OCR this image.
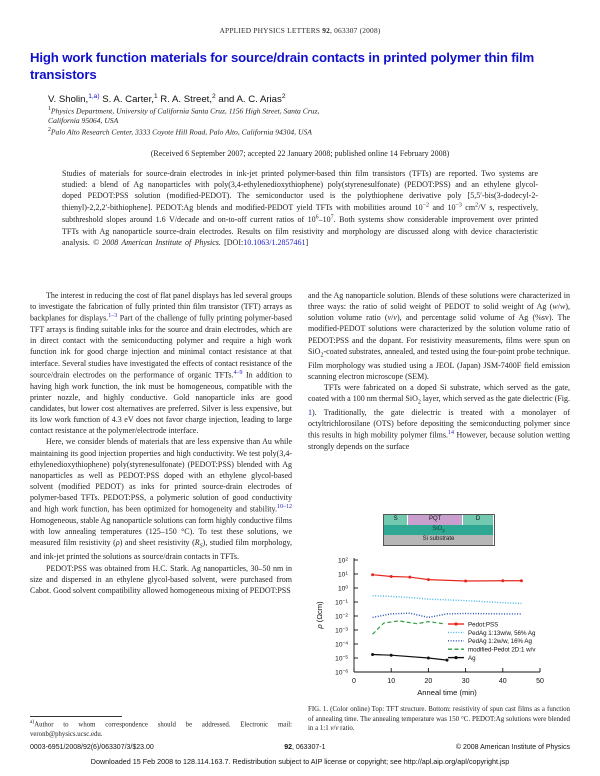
APPLIED PHYSICS LETTERS 92, 063307 (2008)
High work function materials for source/drain contacts in printed polymer thin film transistors
V. Sholin,$^{1,a)}$ S. A. Carter,$^1$ R. A. Street,$^2$ and A. C. Arias$^2$
$^1$Physics Department, University of California Santa Cruz, 1156 High Street, Santa Cruz,
California 95064, USA
$^2$Palo Alto Research Center, 3333 Coyote Hill Road, Palo Alto, California 94304, USA
(Received 6 September 2007; accepted 22 January 2008; published online 14 February 2008)
Studies of materials for source-drain electrodes in ink-jet printed polymer-based thin film transistors (TFTs) are reported. Two systems are studied: a blend of Ag nanoparticles with poly(3,4-ethylenedioxythiophene) poly(styrenesulfonate) (PEDOT:PSS) and an ethylene glycol-doped PEDOT:PSS solution (modified-PEDOT). The semiconductor used is the polythiophene derivative poly [5,5′-bis(3-dodecyl-2-thienyl)-2,2,2′-bithiophene]. PEDOT:Ag blends and modified-PEDOT yield TFTs with mobilities around $10^{-2}$ and $10^{-3}$ $cm^2/V$ s, respectively, subthreshold slopes around 1.6 V/decade and on-to-off current ratios of $10^6-10^7$. Both systems show considerable improvement over printed TFTs with Ag nanoparticle source-drain electrodes. Results on film resistivity and morphology are discussed along with device characteristic analysis. © 2008 American Institute of Physics. [DOI:10.1063/1.2857461]

The interest in reducing the cost of flat panel displays has led several groups to investigate the fabrication of fully printed thin film transistor (TFT) arrays as backplanes for displays.$^{1-3}$ Part of the challenge of fully printing polymer-based TFT arrays is finding suitable inks for the source and drain electrodes, which are in direct contact with the semiconducting polymer and require a high work function ink for good charge injection and minimal contact resistance at that interface. Several studies have investigated the effects of contact resistance of the source/drain electrodes on the performance of organic TFTs.$^{4-9}$ In addition to having high work function, the ink must be homogeneous, compatible with the printer nozzle, and highly conductive. Gold nanoparticle inks are good candidates, but lower cost alternatives are preferred. Silver is less expensive, but its low work function of 4.3 eV does not favor charge injection, leading to large contact resistance at the polymer/electrode interface.

Here, we consider blends of materials that are less expensive than Au while maintaining its good injection properties and high conductivity. We test poly(3,4-ethylenedioxythiophene) poly(styrenesulfonate) (PEDOT:PSS) blended with Ag nanoparticles as well as PEDOT:PSS doped with an ethylene glycol-based solvent (modified PEDOT) as inks for printed source-drain electrodes of polymer-based TFTs. PEDOT:PSS, a polymeric solution of good conductivity and high work function, has been optimized for homogeneity and stability.$^{10-12}$ Homogeneous, stable Ag nanoparticle solutions can form highly conductive films with low annealing temperatures (125–150 °C). To test these solutions, we measured film resistivity (ρ) and sheet resistivity $(R_S)$, studied film morphology, and ink-jet printed the solutions as source/drain contacts in TFTs.

PEDOT:PSS was obtained from H.C. Stark. Ag nanoparticles, 30–50 nm in size and dispersed in an ethylene glycol-based solvent, were purchased from Cabot. Good solvent compatibility allowed homogeneous mixing of PEDOT:PSS

and the Ag nanoparticle solution. Blends of these solutions were characterized in three ways: the ratio of solid weight of PEDOT to solid weight of Ag (w/w), solution volume ratio (v/v), and percentage solid volume of Ag (%sv). The modified-PEDOT solutions were characterized by the solution volume ratio of PEDOT:PSS and the dopant. For resistivity measurements, films were spun on SiO$_2$-coated substrates, annealed, and tested using the four-point probe technique. Film morphology was studied using a JEOL (Japan) JSM-7400F field emission scanning electron microscope (SEM).

TFTs were fabricated on a doped Si substrate, which served as the gate, coated with a 100 nm thermal SiO$_2$ layer, which served as the gate dielectric (Fig. 1). Traditionally, the gate dielectric is treated with a monolayer of octyltrichlorosilane (OTS) before depositing the semiconducting polymer since this results in high mobility polymer films.$^{14}$ However, because solution wetting strongly depends on the surface

S	PQT	D
SiO$_2$
Si substrate
$10^{-6}$
$10^{-5}$
$10^{-4}$
$10^{-3}$
$10^{-2}$
$10^{-1}$
$10^0$
$10^1$
$10^2$
0	10	20	30	40	50
Pedot:PSS
PedAg 1:13w/w, 56% Ag
PedAg 1:2w/w, 16% Ag
modified-Pedot 2D:1 w/v
Ag
ρ (Ωcm)
Anneal time (min)
FIG. 1. (Color online) Top: TFT structure. Bottom: resistivity of spun cast films as a function of annealing time. The annealing temperature was 150 °C. PEDOT:Ag solutions were blended in a 1:1 v/v ratio.
$^{a)}$Author to whom correspondence should be addressed. Electronic mail: veronb@physics.ucsc.edu.
0003-6951/2008/92(6)/063307/3/$23.00	92, 063307-1	© 2008 American Institute of Physics
Downloaded 15 Feb 2008 to 128.114.163.7. Redistribution subject to AIP license or copyright; see http://apl.aip.org/apl/copyright.jsp
